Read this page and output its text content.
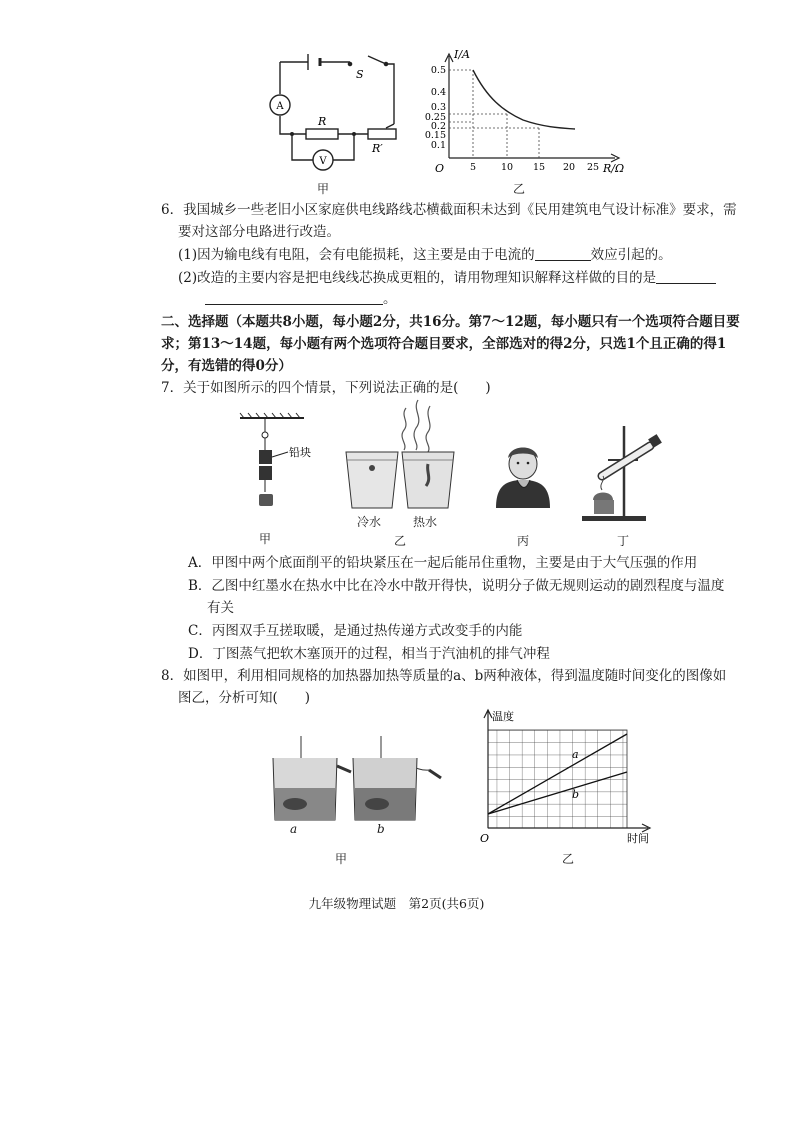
A
V
S
R
R′
甲
I/A
R/Ω
O
0.5
0.4
0.3
0.25
0.2
0.15
0.1
5	10 15 20 25
乙
6．我国城乡一些老旧小区家庭供电线路线芯横截面积未达到《民用建筑电气设计标准》要求，需
要对这部分电路进行改造。
(1)因为输电线有电阻，会有电能损耗，这主要是由于电流的	效应引起的。
(2)改造的主要内容是把电线线芯换成更粗的，请用物理知识解释这样做的目的是
。
二、选择题（本题共8小题，每小题2分，共16分。第7～12题，每小题只有一个选项符合题目要
求；第13～14题，每小题有两个选项符合题目要求，全部选对的得2分，只选1个且正确的得1
分，有选错的得0分）
7．关于如图所示的四个情景，下列说法正确的是(　　)
铅块
甲
冷水	热水
乙	丙	丁
A．甲图中两个底面削平的铅块紧压在一起后能吊住重物，主要是由于大气压强的作用
B．乙图中红墨水在热水中比在冷水中散开得快，说明分子做无规则运动的剧烈程度与温度
有关
C．丙图双手互搓取暖，是通过热传递方式改变手的内能
D．丁图蒸气把软木塞顶开的过程，相当于汽油机的排气冲程
8．如图甲，利用相同规格的加热器加热等质量的a、b两种液体，得到温度随时间变化的图像如
图乙，分析可知(　　)
a	b
甲
温度
时间
O
a
b
乙
九年级物理试题　第2页(共6页)
